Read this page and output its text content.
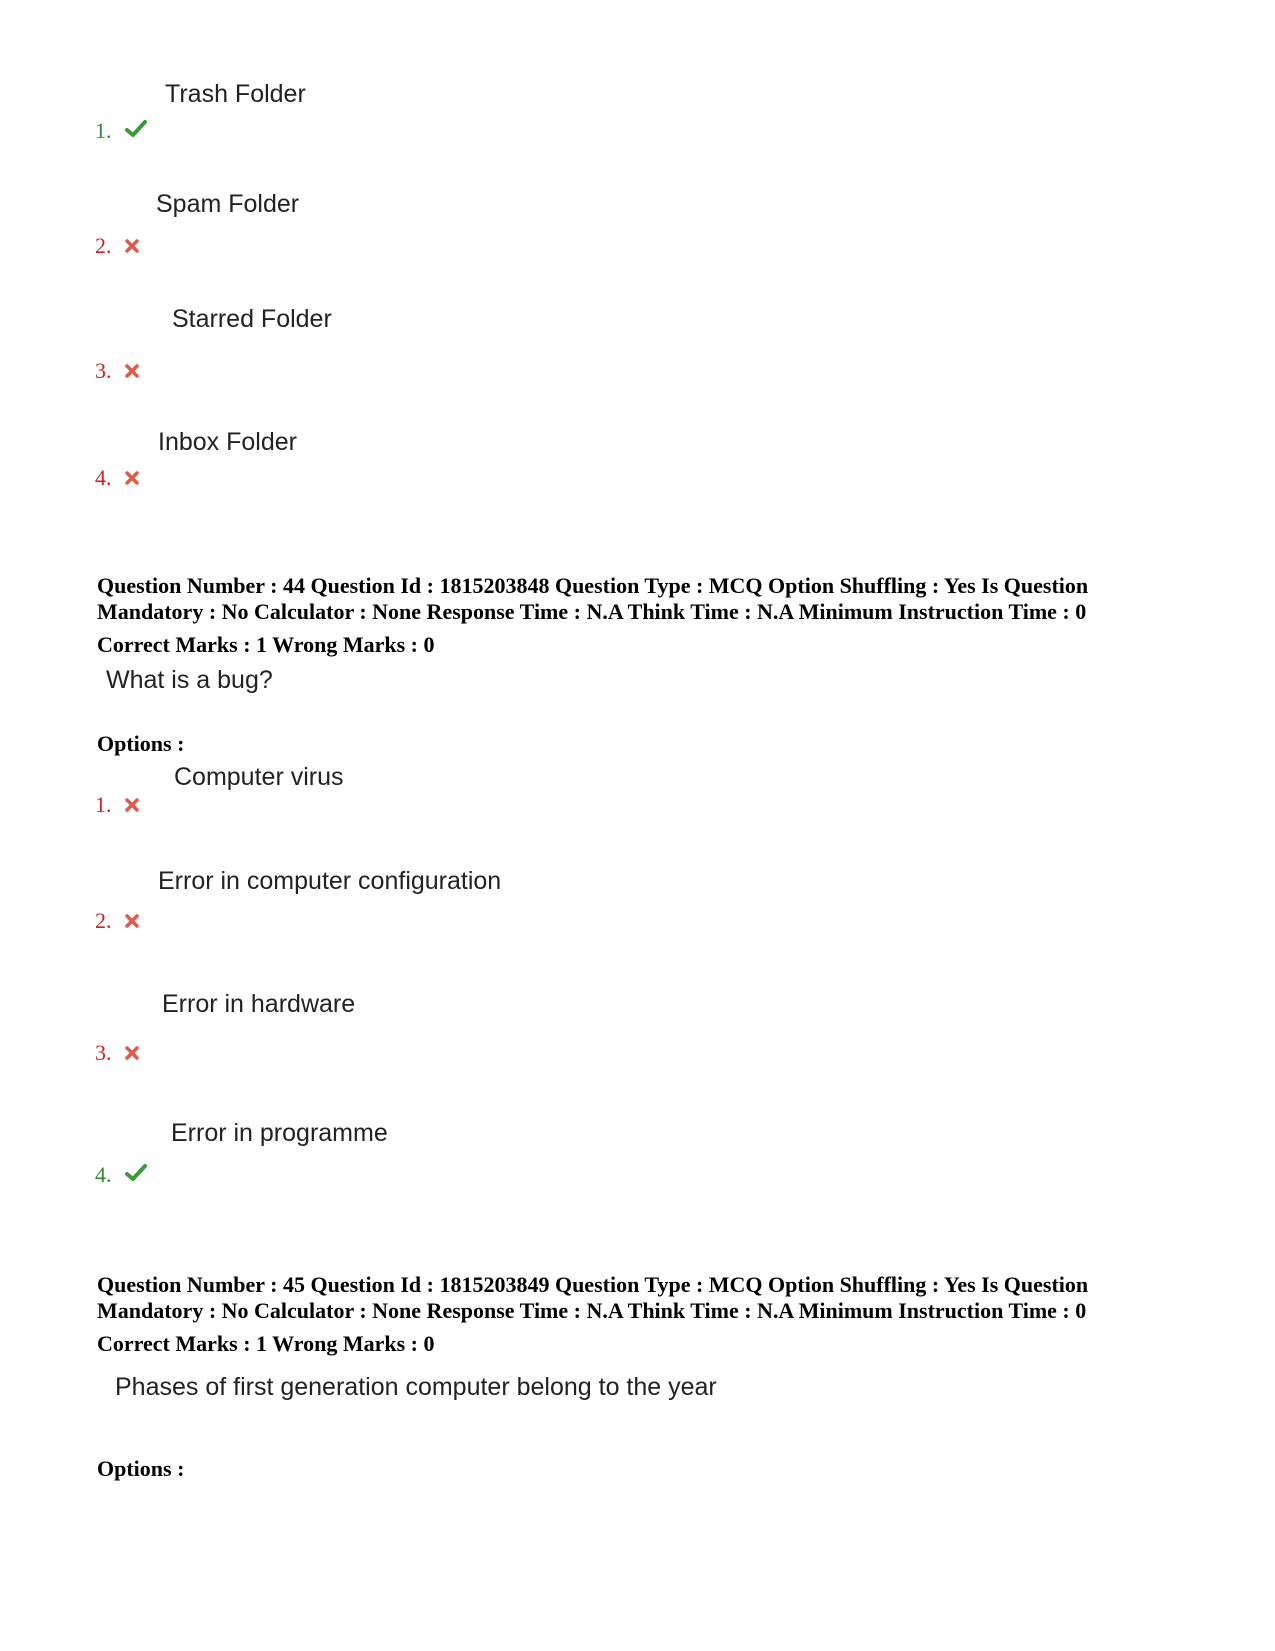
Trash Folder
1.
Spam Folder
2.
Starred Folder
3.
Inbox Folder
4.
Question Number : 44 Question Id : 1815203848 Question Type : MCQ Option Shuffling : Yes Is Question
Mandatory : No Calculator : None Response Time : N.A Think Time : N.A Minimum Instruction Time : 0
Correct Marks : 1 Wrong Marks : 0
What is a bug?
Options :
Computer virus
1.
Error in computer configuration
2.
Error in hardware
3.
Error in programme
4.
Question Number : 45 Question Id : 1815203849 Question Type : MCQ Option Shuffling : Yes Is Question
Mandatory : No Calculator : None Response Time : N.A Think Time : N.A Minimum Instruction Time : 0
Correct Marks : 1 Wrong Marks : 0
Phases of first generation computer belong to the year
Options :
